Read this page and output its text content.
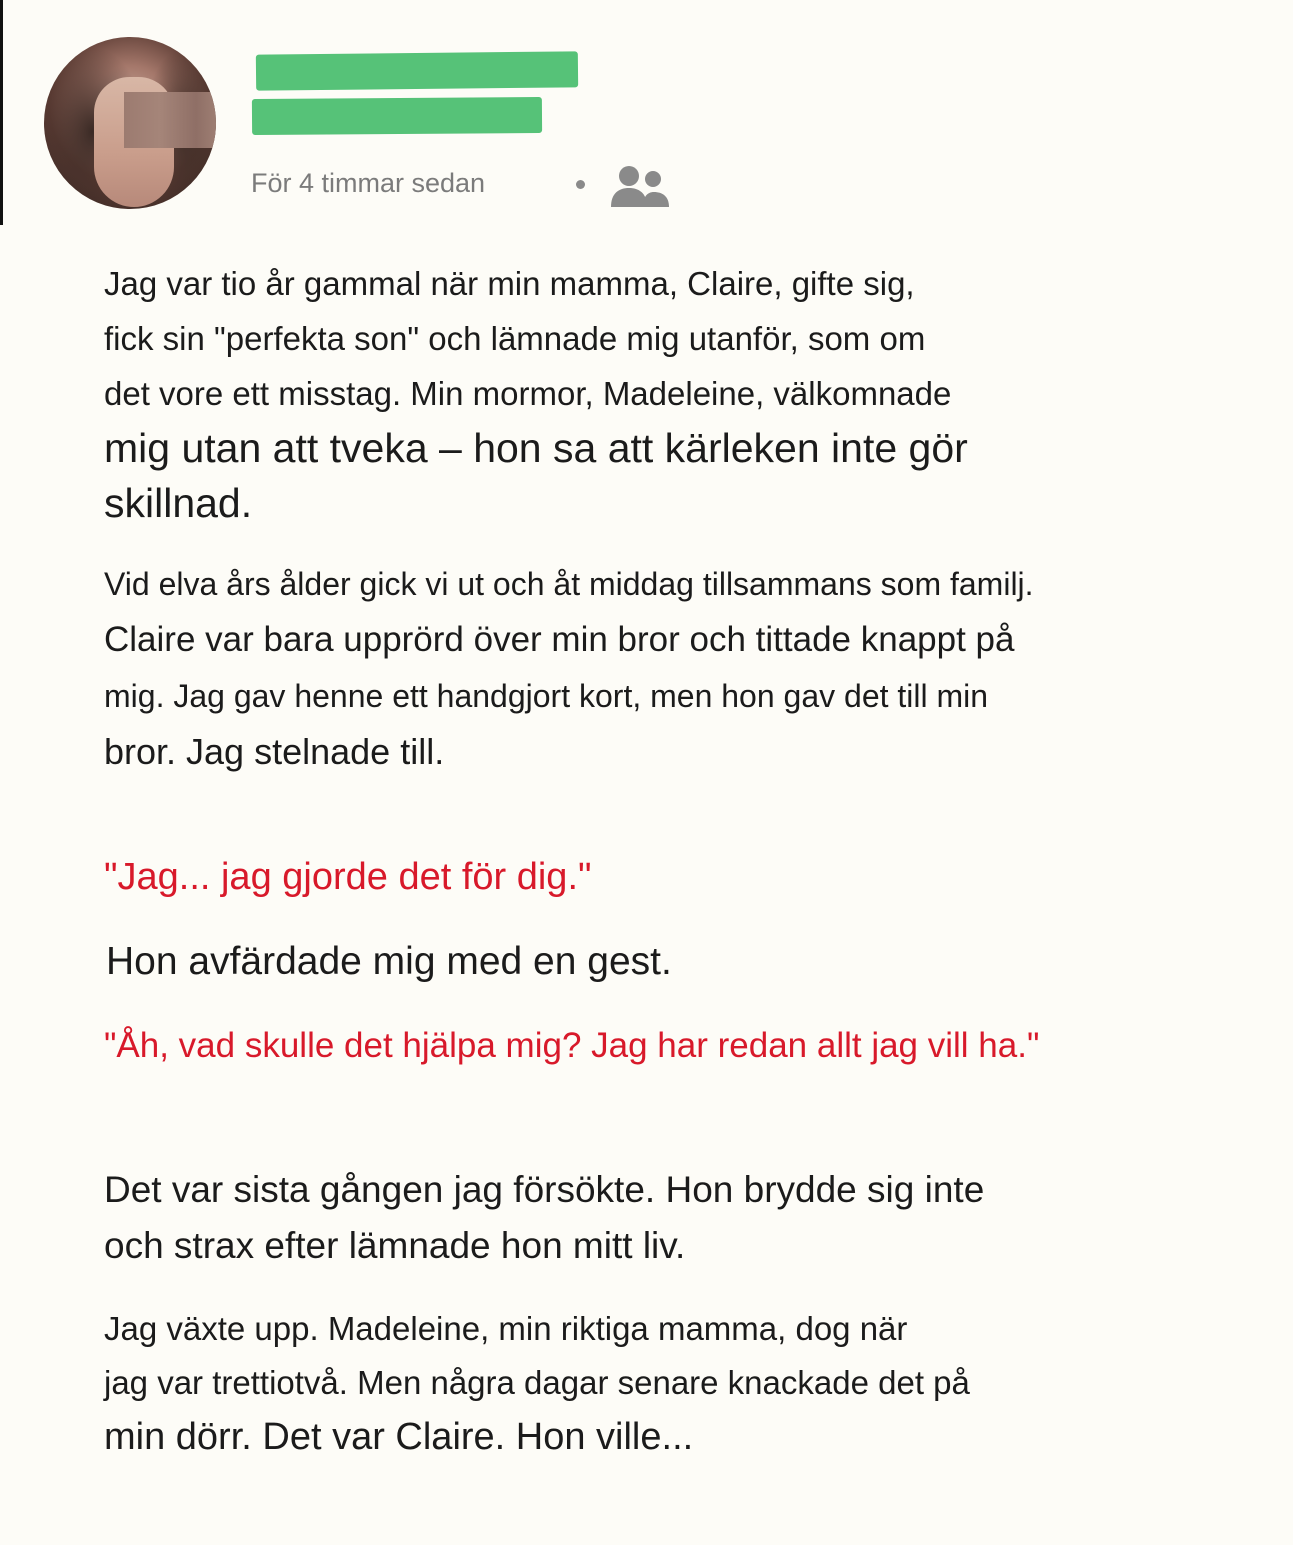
För 4 timmar sedan
Jag var tio år gammal när min mamma, Claire, gifte sig,
fick sin "perfekta son" och lämnade mig utanför, som om
det vore ett misstag. Min mormor, Madeleine, välkomnade
mig utan att tveka – hon sa att kärleken inte gör
skillnad.
Vid elva års ålder gick vi ut och åt middag tillsammans som familj.
Claire var bara upprörd över min bror och tittade knappt på
mig. Jag gav henne ett handgjort kort, men hon gav det till min
bror. Jag stelnade till.
"Jag... jag gjorde det för dig."
Hon avfärdade mig med en gest.
"Åh, vad skulle det hjälpa mig? Jag har redan allt jag vill ha."
Det var sista gången jag försökte. Hon brydde sig inte
och strax efter lämnade hon mitt liv.
Jag växte upp. Madeleine, min riktiga mamma, dog när
jag var trettiotvå. Men några dagar senare knackade det på
min dörr. Det var Claire. Hon ville...
